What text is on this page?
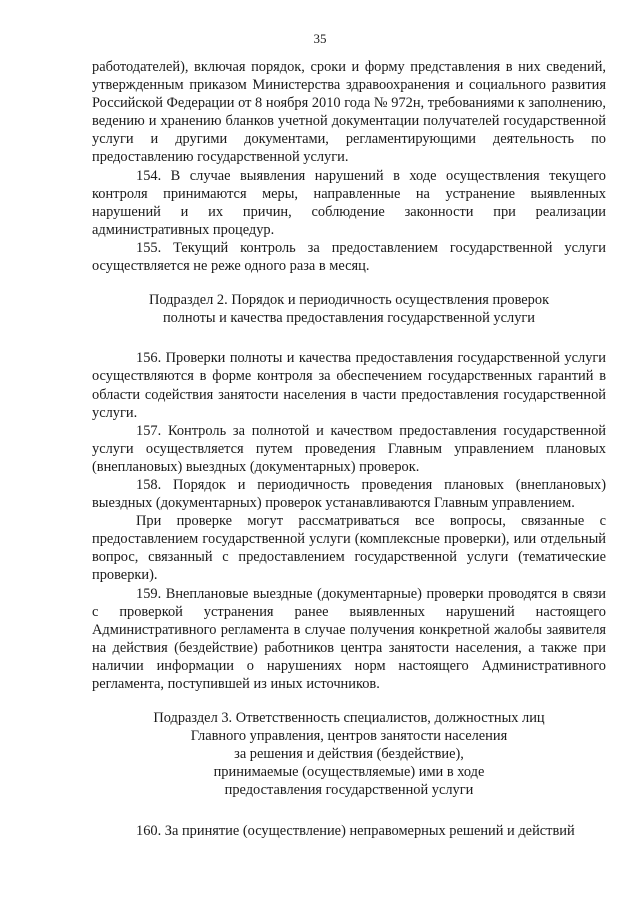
35

работодателей), включая порядок, сроки и форму представления в них сведений, утвержденным приказом Министерства здравоохранения и социального развития Российской Федерации от 8 ноября 2010 года № 972н, требованиями к заполнению, ведению и хранению бланков учетной документации получателей государственной услуги и другими документами, регламентирующими деятельность по предоставлению государственной услуги.

154. В случае выявления нарушений в ходе осуществления текущего контроля принимаются меры, направленные на устранение выявленных нарушений и их причин, соблюдение законности при реализации административных процедур.

155. Текущий контроль за предоставлением государственной услуги осуществляется не реже одного раза в месяц.

Подраздел 2. Порядок и периодичность осуществления проверок

полноты и качества предоставления государственной услуги

156. Проверки полноты и качества предоставления государственной услуги осуществляются в форме контроля за обеспечением государственных гарантий в области содействия занятости населения в части предоставления государственной услуги.

157. Контроль за полнотой и качеством предоставления государственной услуги осуществляется путем проведения Главным управлением плановых (внеплановых) выездных (документарных) проверок.

158. Порядок и периодичность проведения плановых (внеплановых) выездных (документарных) проверок устанавливаются Главным управлением.

При проверке могут рассматриваться все вопросы, связанные с предоставлением государственной услуги (комплексные проверки), или отдельный вопрос, связанный с предоставлением государственной услуги (тематические проверки).

159. Внеплановые выездные (документарные) проверки проводятся в связи с проверкой устранения ранее выявленных нарушений настоящего Административного регламента в случае получения конкретной жалобы заявителя на действия (бездействие) работников центра занятости населения, а также при наличии информации о нарушениях норм настоящего Административного регламента, поступившей из иных источников.

Подраздел 3. Ответственность специалистов, должностных лиц

Главного управления, центров занятости населения

за решения и действия (бездействие),

принимаемые (осуществляемые) ими в ходе

предоставления государственной услуги

160. За принятие (осуществление) неправомерных решений и действий
